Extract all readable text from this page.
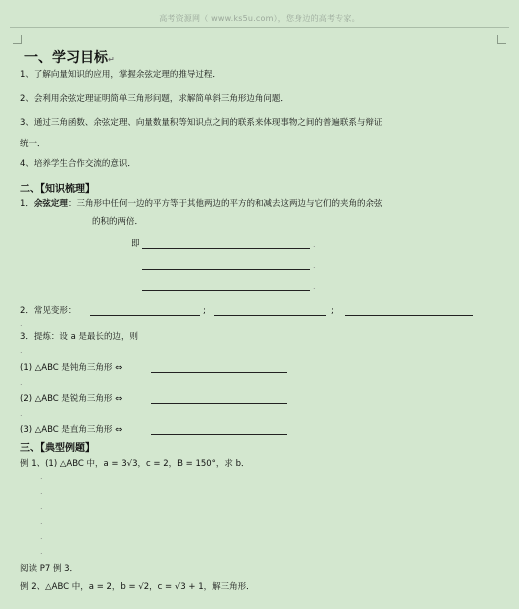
高考资源网（ www.ks5u.com），您身边的高考专家。
一、学习目标↵
1、了解向量知识的应用，掌握余弦定理的推导过程．
2、会利用余弦定理证明简单三角形问题，求解简单斜三角形边角问题．
3、通过三角函数、余弦定理、向量数量积等知识点之间的联系来体现事物之间的普遍联系与辩证
统一．
4、培养学生合作交流的意识．
二、【知识梳理】
1．余弦定理：三角形中任何一边的平方等于其他两边的平方的和减去这两边与它们的夹角的余弦
的积的两倍．
即	.
.
.
2．常见变形：	;	;
.
3．提炼：设 a 是最长的边，则
.
(1) △ABC 是钝角三角形 ⇔
.
(2) △ABC 是锐角三角形 ⇔
.
(3) △ABC 是直角三角形 ⇔
三、【典型例题】
例 1、(1) △ABC 中，a = 3√3，c = 2，B = 150°，求 b．
.
.
.
.
.
.
阅读 P7 例 3．
例 2、△ABC 中，a = 2，b = √2，c = √3 + 1，解三角形．
